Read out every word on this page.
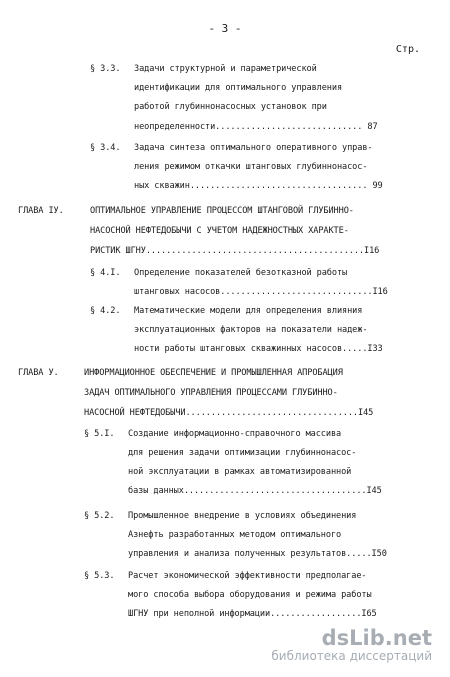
- 3 -
Стр.
§ 3.3. Задачи структурной и параметрической
идентификации для оптимального управления
работой глубиннонасосных установок при
неопределенности............................. 87
§ 3.4. Задача синтеза оптимального оперативного управ-
ления режимом откачки штанговых глубиннонасос-
ных скважин................................... 99
ГЛАВА IУ.	ОПТИМАЛЬНОЕ УПРАВЛЕНИЕ ПРОЦЕССОМ ШТАНГОВОЙ ГЛУБИННО-
НАСОСНОЙ НЕФТЕДОБЫЧИ С УЧЕТОМ НАДЕЖНОСТНЫХ ХАРАКТЕ-
РИСТИК ШГНУ...........................................I16
§ 4.I. Определение показателей безотказной работы
штанговых насосов..............................I16
§ 4.2. Математические модели для определения влияния
эксплуатационных факторов на показатели надеж-
ности работы штанговых скважинных насосов.....I33
ГЛАВА У.	ИНФОРМАЦИОННОЕ ОБЕСПЕЧЕНИЕ И ПРОМЫШЛЕННАЯ АПРОБАЦИЯ
ЗАДАЧ ОПТИМАЛЬНОГО УПРАВЛЕНИЯ ПРОЦЕССАМИ ГЛУБИННО-
НАСОСНОЙ НЕФТЕДОБЫЧИ..................................I45
§ 5.I. Создание информационно-справочного массива
для решения задачи оптимизации глубиннонасос-
ной эксплуатации в рамках автоматизированной
базы данных....................................I45
§ 5.2. Промышленное внедрение в условиях объединения
Азнефть разработанных методом оптимального
управления и анализа полученных результатов.....I50
§ 5.3. Расчет экономической эффективности предполагае-
мого способа выбора оборудования и режима работы
ШГНУ при неполной информации..................I65
dsLib.net
библиотека диссертаций
